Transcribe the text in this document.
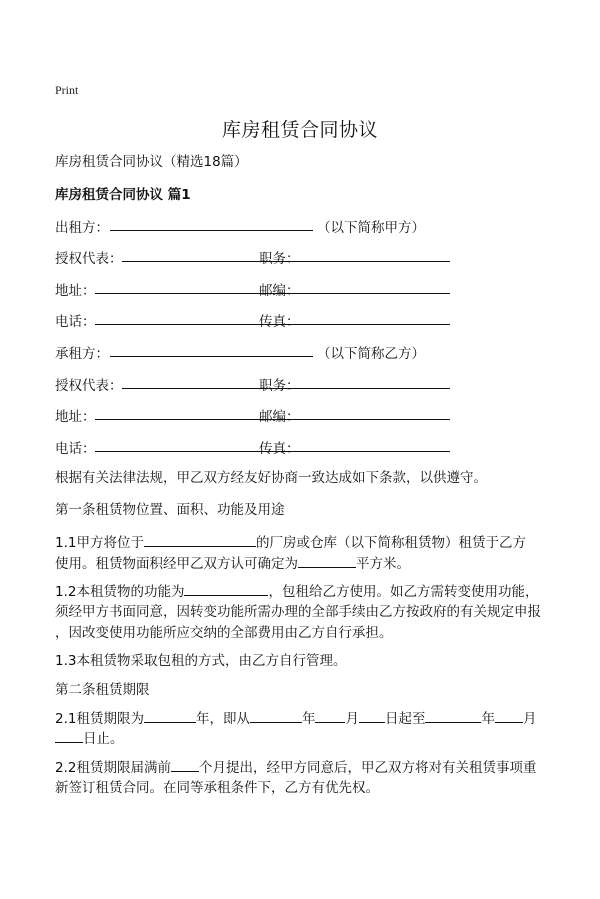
Print
库房租赁合同协议
库房租赁合同协议（精选18篇）
库房租赁合同协议 篇1
出租方：	（以下简称甲方）
授权代表：	职务：
地址：	邮编：
电话：	传真：
承租方：	（以下简称乙方）
授权代表：	职务：
地址：	邮编：
电话：	传真：
根据有关法律法规，甲乙双方经友好协商一致达成如下条款，以供遵守。
第一条租赁物位置、面积、功能及用途
1.1甲方将位于	的厂房或仓库（以下简称租赁物）租赁于乙方
使用。租赁物面积经甲乙双方认可确定为	平方米。
1.2本租赁物的功能为	，包租给乙方使用。如乙方需转变使用功能，
须经甲方书面同意，因转变功能所需办理的全部手续由乙方按政府的有关规定申报
，因改变使用功能所应交纳的全部费用由乙方自行承担。
1.3本租赁物采取包租的方式，由乙方自行管理。
第二条租赁期限
2.1租赁期限为	年，即从	年 月 日起至	年 月
日止。
2.2租赁期限届满前 个月提出，经甲方同意后，甲乙双方将对有关租赁事项重
新签订租赁合同。在同等承租条件下，乙方有优先权。
